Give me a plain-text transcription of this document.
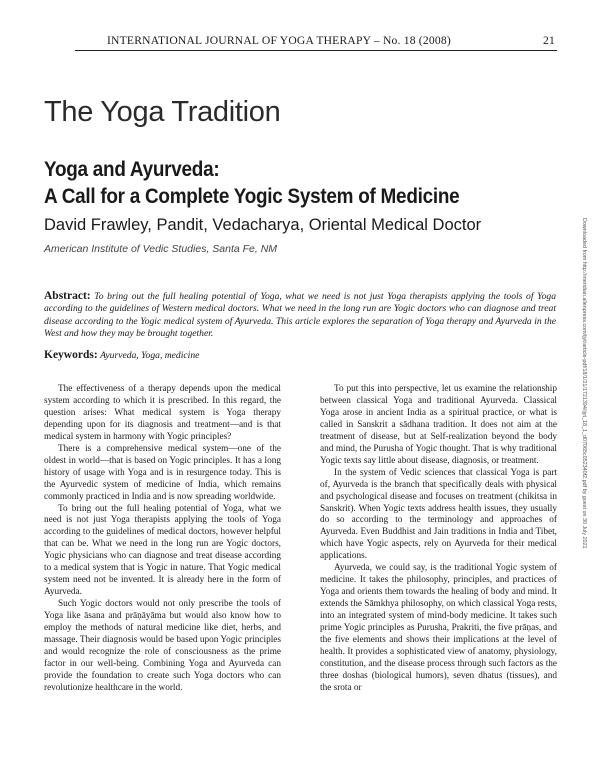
INTERNATIONAL JOURNAL OF YOGA THERAPY – No. 18 (2008)	21
The Yoga Tradition
Yoga and Ayurveda:
A Call for a Complete Yogic System of Medicine
David Frawley, Pandit, Vedacharya, Oriental Medical Doctor
American Institute of Vedic Studies, Santa Fe, NM

Abstract: To bring out the full healing potential of Yoga, what we need is not just Yoga therapists applying the tools of Yoga according to the guidelines of Western medical doctors. What we need in the long run are Yogic doctors who can diagnose and treat disease according to the Yogic medical system of Ayurveda. This article explores the separation of Yoga therapy and Ayurveda in the West and how they may be brought together.

Keywords: Ayurveda, Yoga, medicine

The effectiveness of a therapy depends upon the medical system according to which it is prescribed. In this regard, the question arises: What medical system is Yoga therapy depending upon for its diagnosis and treatment—and is that medical system in harmony with Yogic principles?

There is a comprehensive medical system—one of the oldest in world—that is based on Yogic principles. It has a long history of usage with Yoga and is in resurgence today. This is the Ayurvedic system of medicine of India, which remains commonly practiced in India and is now spreading worldwide.

To bring out the full healing potential of Yoga, what we need is not just Yoga therapists applying the tools of Yoga according to the guidelines of medical doctors, however helpful that can be. What we need in the long run are Yogic doctors, Yogic physicians who can diagnose and treat disease according to a medical system that is Yogic in nature. That Yogic medical system need not be invented. It is already here in the form of Ayurveda.

Such Yogic doctors would not only prescribe the tools of Yoga like āsana and prāṇāyāma but would also know how to employ the methods of natural medicine like diet, herbs, and massage. Their diagnosis would be based upon Yogic principles and would recognize the role of consciousness as the prime factor in our well-being. Combining Yoga and Ayurveda can provide the foundation to create such Yoga doctors who can revolutionize healthcare in the world.

To put this into perspective, let us examine the relationship between classical Yoga and traditional Ayurveda. Classical Yoga arose in ancient India as a spiritual practice, or what is called in Sanskrit a sādhana tradition. It does not aim at the treatment of disease, but at Self-realization beyond the body and mind, the Purusha of Yogic thought. That is why traditional Yogic texts say little about disease, diagnosis, or treatment.

In the system of Vedic sciences that classical Yoga is part of, Ayurveda is the branch that specifically deals with physical and psychological disease and focuses on treatment (chikitsa in Sanskrit). When Yogic texts address health issues, they usually do so according to the terminology and approaches of Ayurveda. Even Buddhist and Jain traditions in India and Tibet, which have Yogic aspects, rely on Ayurveda for their medical applications.

Ayurveda, we could say, is the traditional Yogic system of medicine. It takes the philosophy, principles, and practices of Yoga and orients them towards the healing of body and mind. It extends the Sāmkhya philosophy, on which classical Yoga rests, into an integrated system of mind-body medicine. It takes such prime Yogic principles as Purusha, Prakriti, the five prāṇas, and the five elements and shows their implications at the level of health. It provides a sophisticated view of anatomy, physiology, constitution, and the disease process through such factors as the three doshas (biological humors), seven dhatus (tissues), and the srota or

Downloaded from http://meridian.allenpress.com/ijyt/article-pdf/18/1/21/1721394/ijyt_18_1_d07065c052340f2.pdf by guest on 30 July 2021
